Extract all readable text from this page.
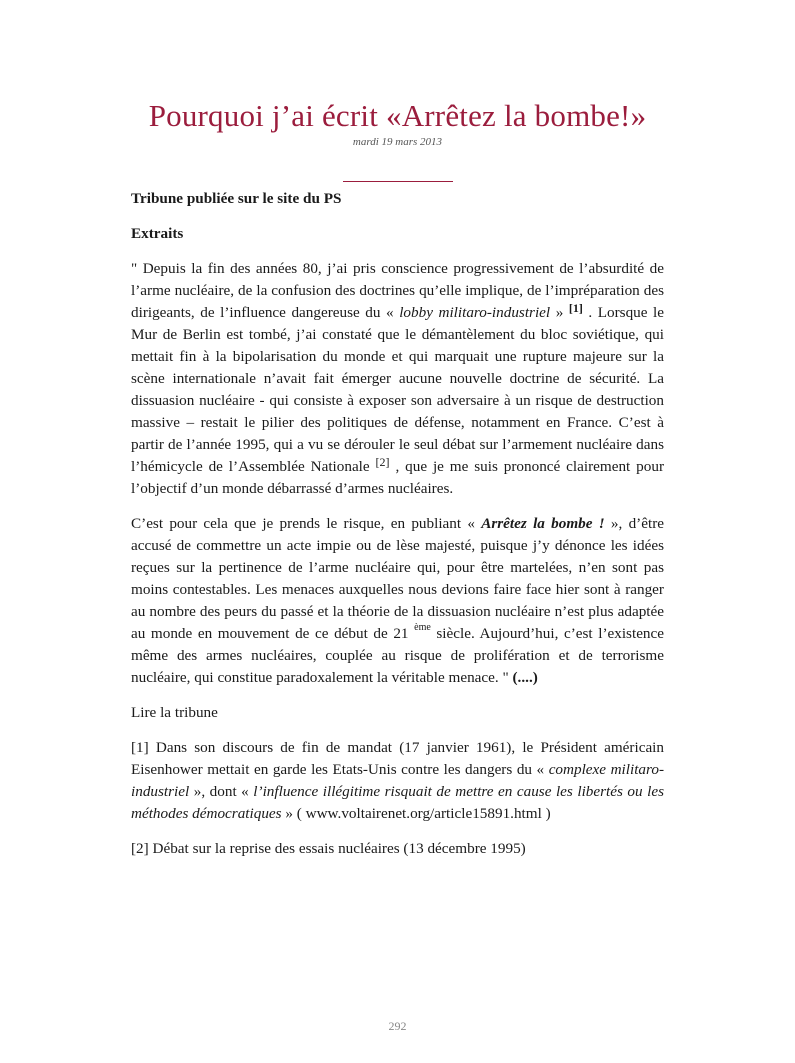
Pourquoi j’ai écrit «Arrêtez la bombe!»
mardi 19 mars 2013

Tribune publiée sur le site du PS

Extraits

" Depuis la fin des années 80, j’ai pris conscience progressivement de l’absurdité de l’arme nucléaire, de la confusion des doctrines qu’elle implique, de l’impréparation des dirigeants, de l’influence dangereuse du « lobby militaro-industriel » [1] . Lorsque le Mur de Berlin est tombé, j’ai constaté que le démantèlement du bloc soviétique, qui mettait fin à la bipolarisation du monde et qui marquait une rupture majeure sur la scène internationale n’avait fait émerger aucune nouvelle doctrine de sécurité. La dissuasion nucléaire - qui consiste à exposer son adversaire à un risque de destruction massive – restait le pilier des politiques de défense, notamment en France. C’est à partir de l’année 1995, qui a vu se dérouler le seul débat sur l’armement nucléaire dans l’hémicycle de l’Assemblée Nationale [2] , que je me suis prononcé clairement pour l’objectif d’un monde débarrassé d’armes nucléaires.

C’est pour cela que je prends le risque, en publiant « Arrêtez la bombe ! », d’être accusé de commettre un acte impie ou de lèse majesté, puisque j’y dénonce les idées reçues sur la pertinence de l’arme nucléaire qui, pour être martelées, n’en sont pas moins contestables. Les menaces auxquelles nous devions faire face hier sont à ranger au nombre des peurs du passé et la théorie de la dissuasion nucléaire n’est plus adaptée au monde en mouvement de ce début de 21 $^{ème}$ siècle. Aujourd’hui, c’est l’existence même des armes nucléaires, couplée au risque de prolifération et de terrorisme nucléaire, qui constitue paradoxalement la véritable menace. " (....)

Lire la tribune

[1] Dans son discours de fin de mandat (17 janvier 1961), le Président américain Eisenhower mettait en garde les Etats-Unis contre les dangers du « complexe militaro-industriel », dont « l’influence illégitime risquait de mettre en cause les libertés ou les méthodes démocratiques » ( www.voltairenet.org/article15891.html )

[2] Débat sur la reprise des essais nucléaires (13 décembre 1995)

292
